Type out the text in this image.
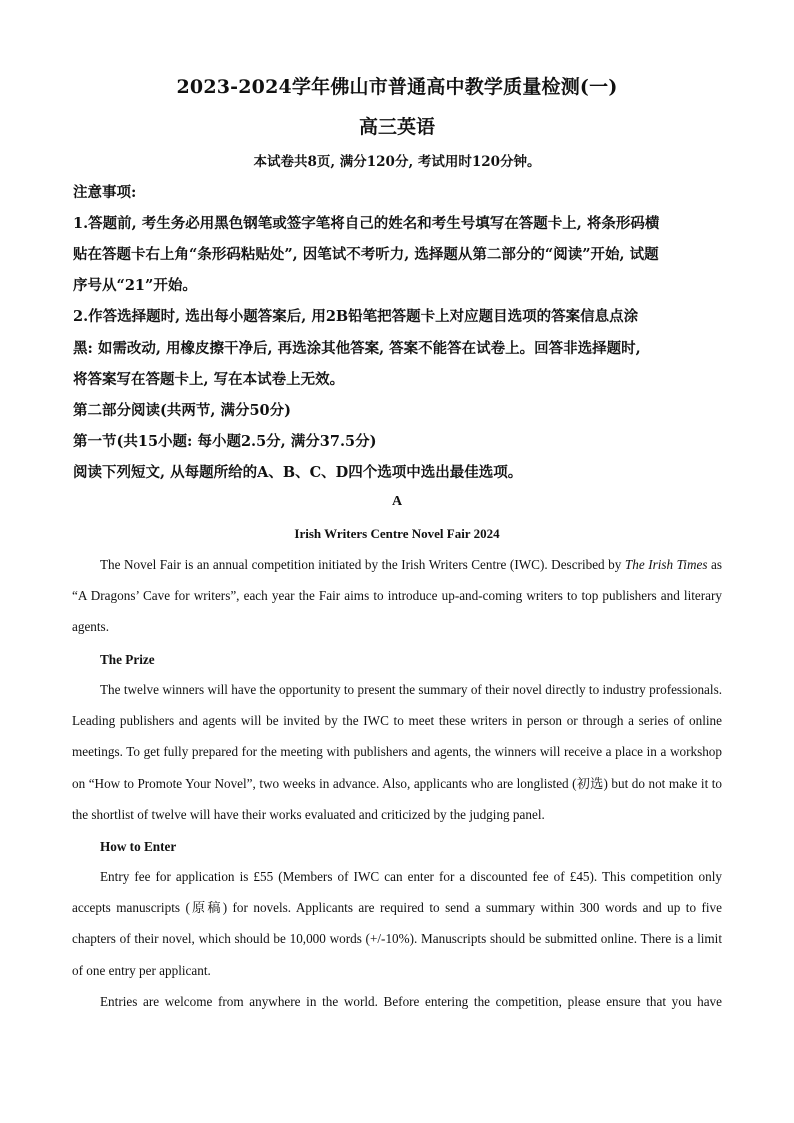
2023-2024学年佛山市普通高中教学质量检测(一)
高三英语
本试卷共8页, 满分120分, 考试用时120分钟。
注意事项:
1.答题前, 考生务必用黑色钢笔或签字笔将自己的姓名和考生号填写在答题卡上, 将条形码横
贴在答题卡右上角“条形码粘贴处”, 因笔试不考听力, 选择题从第二部分的“阅读”开始, 试题
序号从“21”开始。
2.作答选择题时, 选出每小题答案后, 用2B铅笔把答题卡上对应题目选项的答案信息点涂
黑: 如需改动, 用橡皮擦干净后, 再选涂其他答案, 答案不能答在试卷上。回答非选择题时,
将答案写在答题卡上, 写在本试卷上无效。
第二部分阅读(共两节, 满分50分)
第一节(共15小题: 每小题2.5分, 满分37.5分)
阅读下列短文, 从每题所给的A、B、C、D四个选项中选出最佳选项。
A
Irish Writers Centre Novel Fair 2024
The Novel Fair is an annual competition initiated by the Irish Writers Centre (IWC). Described by The Irish Times as “A Dragons’ Cave for writers”, each year the Fair aims to introduce up-and-coming writers to top publishers and literary agents.
The Prize
The twelve winners will have the opportunity to present the summary of their novel directly to industry professionals. Leading publishers and agents will be invited by the IWC to meet these writers in person or through a series of online meetings. To get fully prepared for the meeting with publishers and agents, the winners will receive a place in a workshop on “How to Promote Your Novel”, two weeks in advance. Also, applicants who are longlisted (初选) but do not make it to the shortlist of twelve will have their works evaluated and criticized by the judging panel.
How to Enter
Entry fee for application is £55 (Members of IWC can enter for a discounted fee of £45). This competition only accepts manuscripts (原稿) for novels. Applicants are required to send a summary within 300 words and up to five chapters of their novel, which should be 10,000 words (+/-10%). Manuscripts should be submitted online. There is a limit of one entry per applicant.
Entries are welcome from anywhere in the world. Before entering the competition, please ensure that you have
